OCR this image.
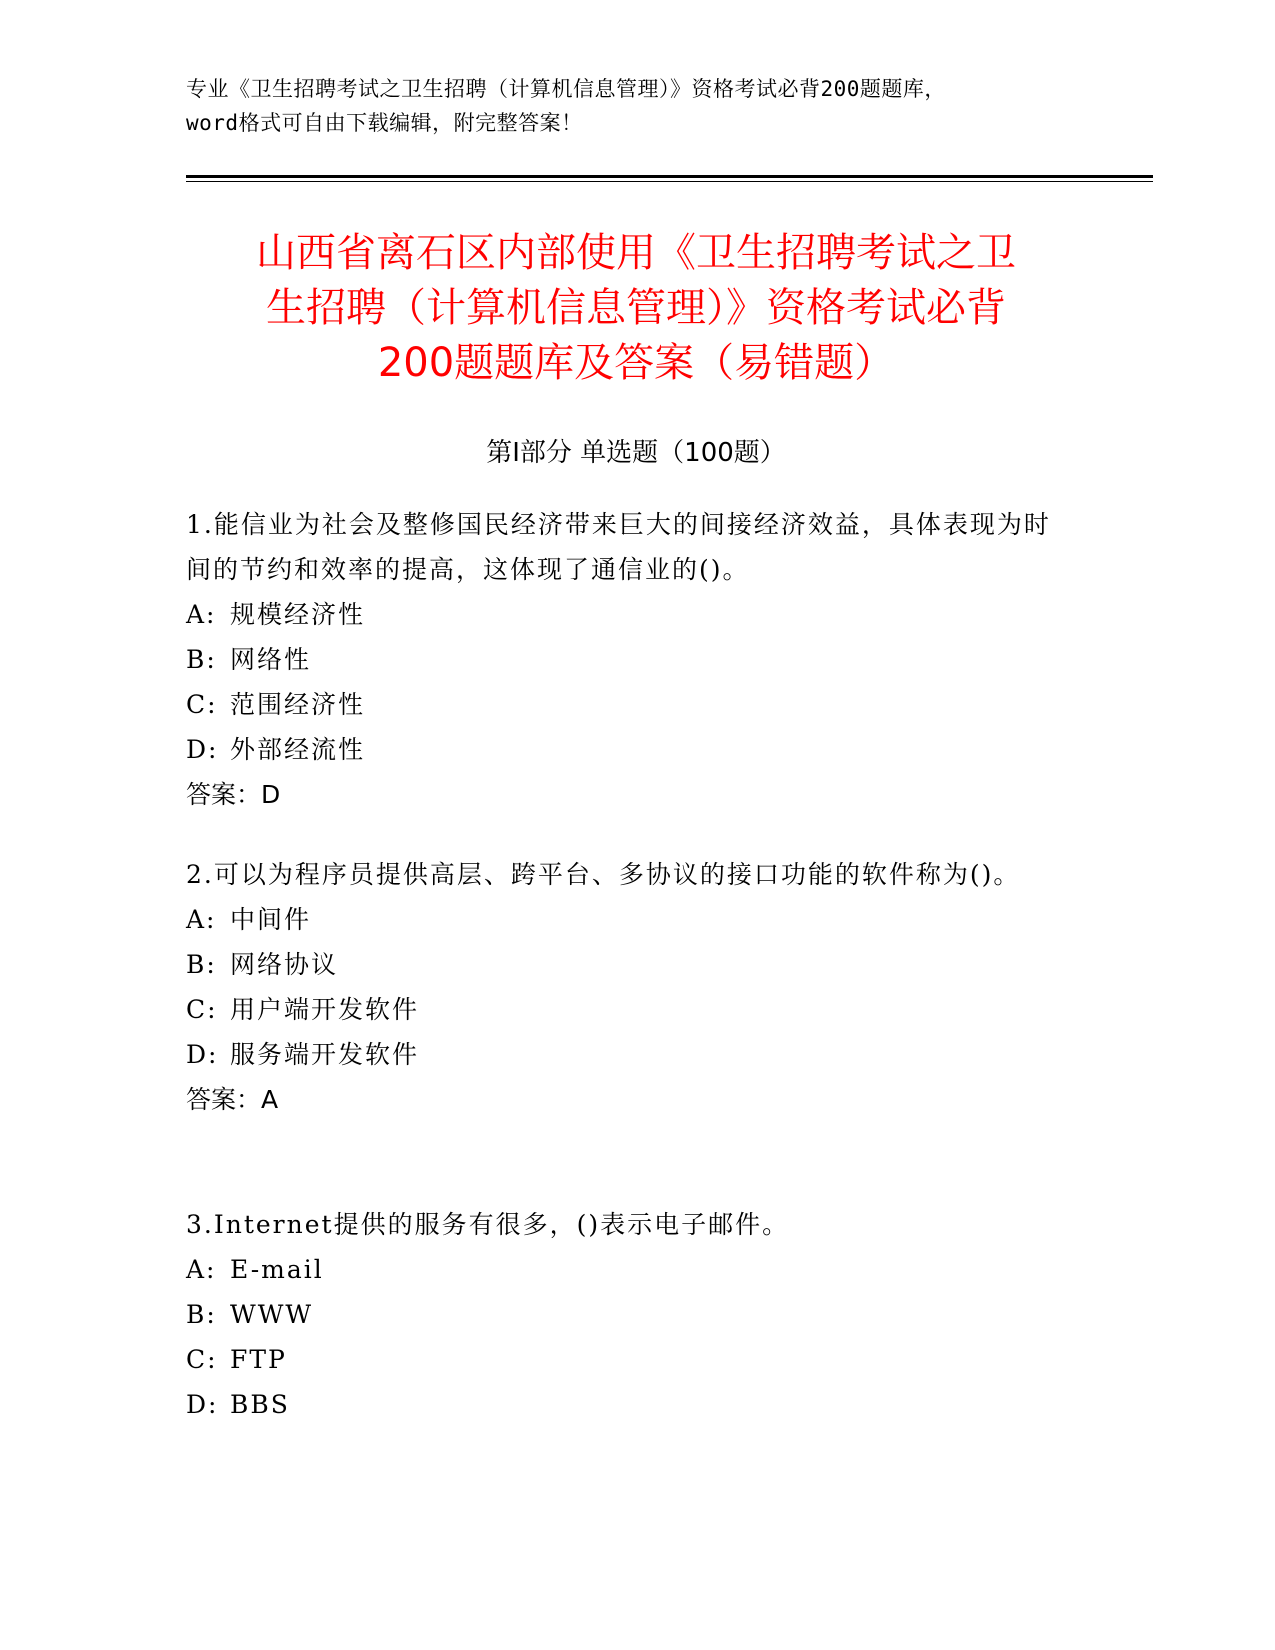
专业《卫生招聘考试之卫生招聘（计算机信息管理）》资格考试必背200题题库，
word格式可自由下载编辑，附完整答案！
山西省离石区内部使用《卫生招聘考试之卫
生招聘（计算机信息管理）》资格考试必背
200题题库及答案（易错题）
第Ⅰ部分 单选题（100题）

1.能信业为社会及整修国民经济带来巨大的间接经济效益，具体表现为时间的节约和效率的提高，这体现了通信业的()。

A: 规模经济性

B: 网络性

C: 范围经济性

D: 外部经流性

答案：D

2.可以为程序员提供高层、跨平台、多协议的接口功能的软件称为()。

A: 中间件

B: 网络协议

C: 用户端开发软件

D: 服务端开发软件

答案：A

3.Internet提供的服务有很多，()表示电子邮件。

A: E-mail

B: WWW

C: FTP

D: BBS
